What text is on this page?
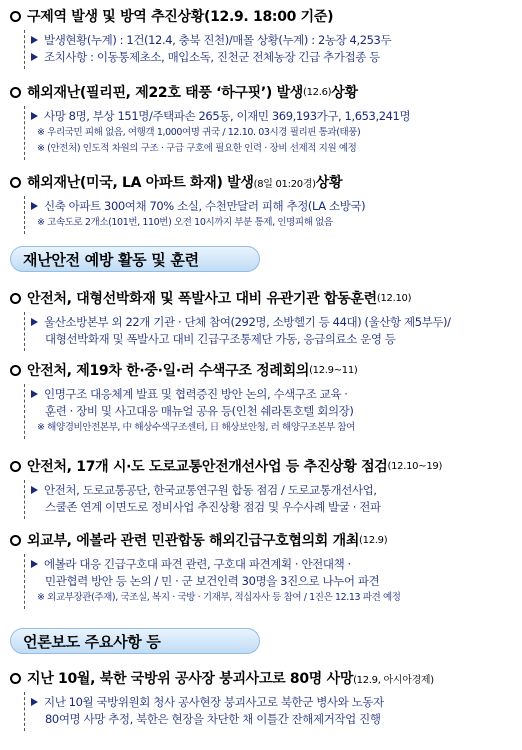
구제역 발생 및 방역 추진상황(12.9. 18:00 기준)
발생현황(누계) : 1건(12.4, 충북 진천)/매몰 상황(누계) : 2농장 4,253두
조치사항 : 이동통제초소, 매입소독, 진천군 전체농장 긴급 추가접종 등
해외재난(필리핀, 제22호 태풍 ‘하구핏’) 발생 (12.6) 상황
사망 8명, 부상 151명/주택파손 265동, 이재민 369,193가구, 1,653,241명
※ 우리국민 피해 없음, 여행객 1,000여명 귀국 / 12.10. 03시경 필리핀 통과(태풍)
※ (안전처) 인도적 차원의 구조 · 구급 구호에 필요한 인력 · 장비 선제적 지원 예정
해외재난(미국, LA 아파트 화재) 발생 (8일 01:20경) 상황
신축 아파트 300여채 70% 소실, 수천만달러 피해 추정(LA 소방국)
※ 고속도로 2개소(101번, 110번) 오전 10시까지 부분 통제, 인명피해 없음
재난안전 예방 활동 및 훈련
안전처, 대형선박화재 및 폭발사고 대비 유관기관 합동훈련 (12.10)
울산소방본부 외 22개 기관 · 단체 참여(292명, 소방헬기 등 44대) (울산항 제5부두)/
대형선박화재 및 폭발사고 대비 긴급구조통제단 가동, 응급의료소 운영 등
안전처, 제19차 한·중·일·러 수색구조 정례회의 (12.9~11)
인명구조 대응체계 발표 및 협력증진 방안 논의, 수색구조 교육 ·
훈련 · 장비 및 사고대응 매뉴얼 공유 등(인천 쉐라톤호텔 회의장)
※ 해양경비안전본부, 中 해상수색구조센터, 日 해상보안청, 러 해양구조본부 참여
안전처, 17개 시·도 도로교통안전개선사업 등 추진상황 점검 (12.10~19)
안전처, 도로교통공단, 한국교통연구원 합동 점검 / 도로교통개선사업,
스쿨존 연계 이면도로 정비사업 추진상황 점검 및 우수사례 발굴 · 전파
외교부, 에볼라 관련 민관합동 해외긴급구호협의회 개최 (12.9)
에볼라 대응 긴급구호대 파견 관련, 구호대 파견계획 · 안전대책 ·
민관협력 방안 등 논의 / 민 · 군 보건인력 30명을 3진으로 나누어 파견
※ 외교부장관(주재), 국조실, 복지 · 국방 · 기재부, 적십자사 등 참여 / 1진은 12.13 파견 예정
언론보도 주요사항 등
지난 10월, 북한 국방위 공사장 붕괴사고로 80명 사망 (12.9, 아시아경제)
지난 10월 국방위원회 청사 공사현장 붕괴사고로 북한군 병사와 노동자
80여명 사망 추정, 북한은 현장을 차단한 채 이틀간 잔해제거작업 진행
